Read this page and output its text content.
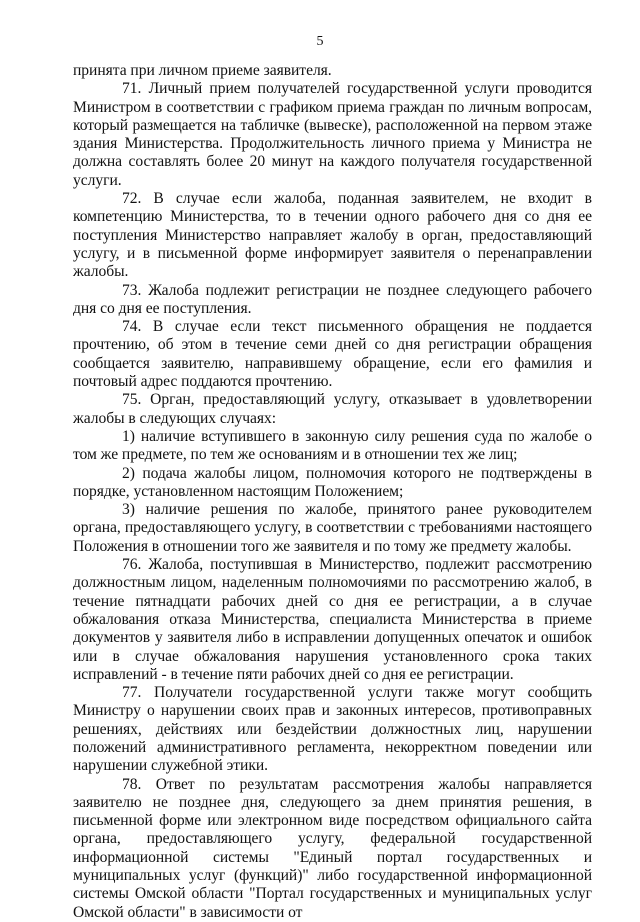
5

принята при личном приеме заявителя.

71. Личный прием получателей государственной услуги проводится Министром в соответствии с графиком приема граждан по личным вопросам, который размещается на табличке (вывеске), расположенной на первом этаже здания Министерства. Продолжительность личного приема у Министра не должна составлять более 20 минут на каждого получателя государственной услуги.

72. В случае если жалоба, поданная заявителем, не входит в компетенцию Министерства, то в течении одного рабочего дня со дня ее поступления Министерство направляет жалобу в орган, предоставляющий услугу, и в письменной форме информирует заявителя о перенаправлении жалобы.

73. Жалоба подлежит регистрации не позднее следующего рабочего дня со дня ее поступления.

74. В случае если текст письменного обращения не поддается прочтению, об этом в течение семи дней со дня регистрации обращения сообщается заявителю, направившему обращение, если его фамилия и почтовый адрес поддаются прочтению.

75. Орган, предоставляющий услугу, отказывает в удовлетворении жалобы в следующих случаях:

1) наличие вступившего в законную силу решения суда по жалобе о том же предмете, по тем же основаниям и в отношении тех же лиц;

2) подача жалобы лицом, полномочия которого не подтверждены в порядке, установленном настоящим Положением;

3) наличие решения по жалобе, принятого ранее руководителем органа, предоставляющего услугу, в соответствии с требованиями настоящего Положения в отношении того же заявителя и по тому же предмету жалобы.

76. Жалоба, поступившая в Министерство, подлежит рассмотрению должностным лицом, наделенным полномочиями по рассмотрению жалоб, в течение пятнадцати рабочих дней со дня ее регистрации, а в случае обжалования отказа Министерства, специалиста Министерства в приеме документов у заявителя либо в исправлении допущенных опечаток и ошибок или в случае обжалования нарушения установленного срока таких исправлений - в течение пяти рабочих дней со дня ее регистрации.

77. Получатели государственной услуги также могут сообщить Министру о нарушении своих прав и законных интересов, противоправных решениях, действиях или бездействии должностных лиц, нарушении положений административного регламента, некорректном поведении или нарушении служебной этики.

78. Ответ по результатам рассмотрения жалобы направляется заявителю не позднее дня, следующего за днем принятия решения, в письменной форме или электронном виде посредством официального сайта органа, предоставляющего услугу, федеральной государственной информационной системы "Единый портал государственных и муниципальных услуг (функций)" либо государственной информационной системы Омской области "Портал государственных и муниципальных услуг Омской области" в зависимости от
